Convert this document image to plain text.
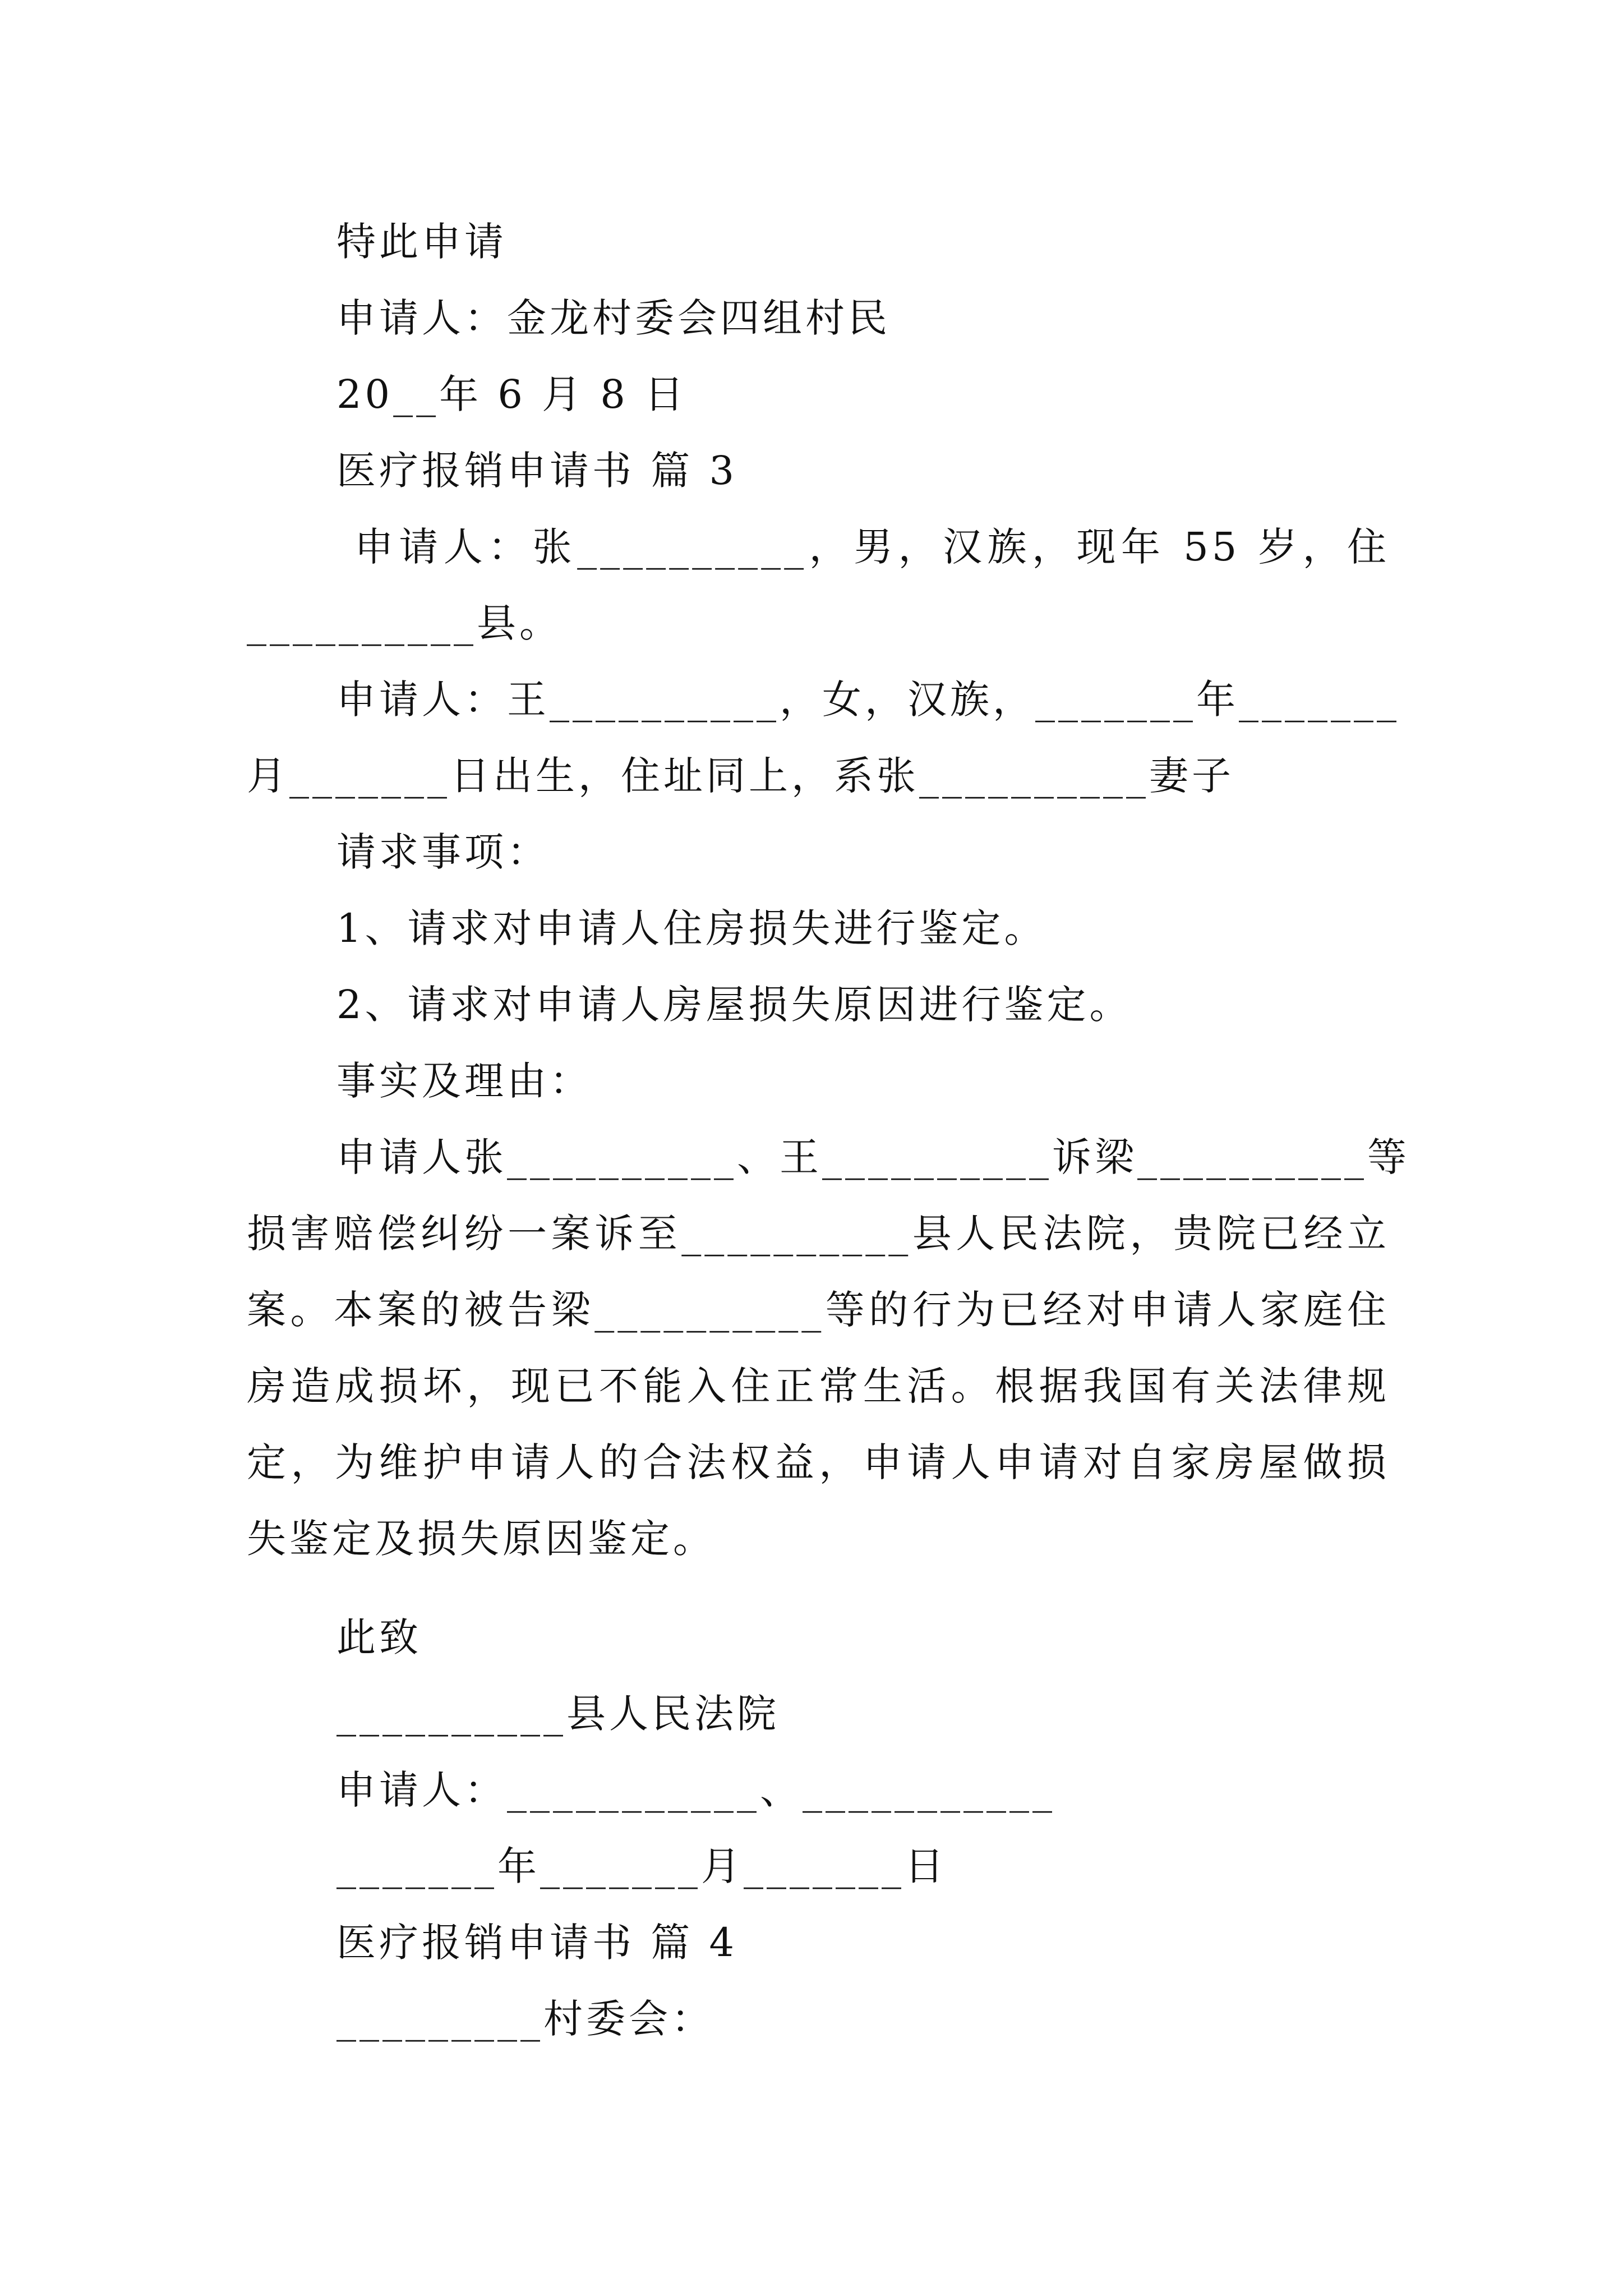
特此申请
申请人：金龙村委会四组村民
20__年 6 月 8 日
医疗报销申请书 篇 3
申请人：张__________，男，汉族，现年 55 岁，住
__________县。
申请人：王__________，女，汉族，_______年_______
月_______日出生，住址同上，系张__________妻子
请求事项：
1、请求对申请人住房损失进行鉴定。
2、请求对申请人房屋损失原因进行鉴定。
事实及理由：
申请人张__________、王__________诉梁__________等
损害赔偿纠纷一案诉至__________县人民法院，贵院已经立
案。本案的被告梁__________等的行为已经对申请人家庭住
房造成损坏，现已不能入住正常生活。根据我国有关法律规
定，为维护申请人的合法权益，申请人申请对自家房屋做损
失鉴定及损失原因鉴定。
此致
__________县人民法院
申请人：___________、___________
_______年_______月_______日
医疗报销申请书 篇 4
_________村委会：
